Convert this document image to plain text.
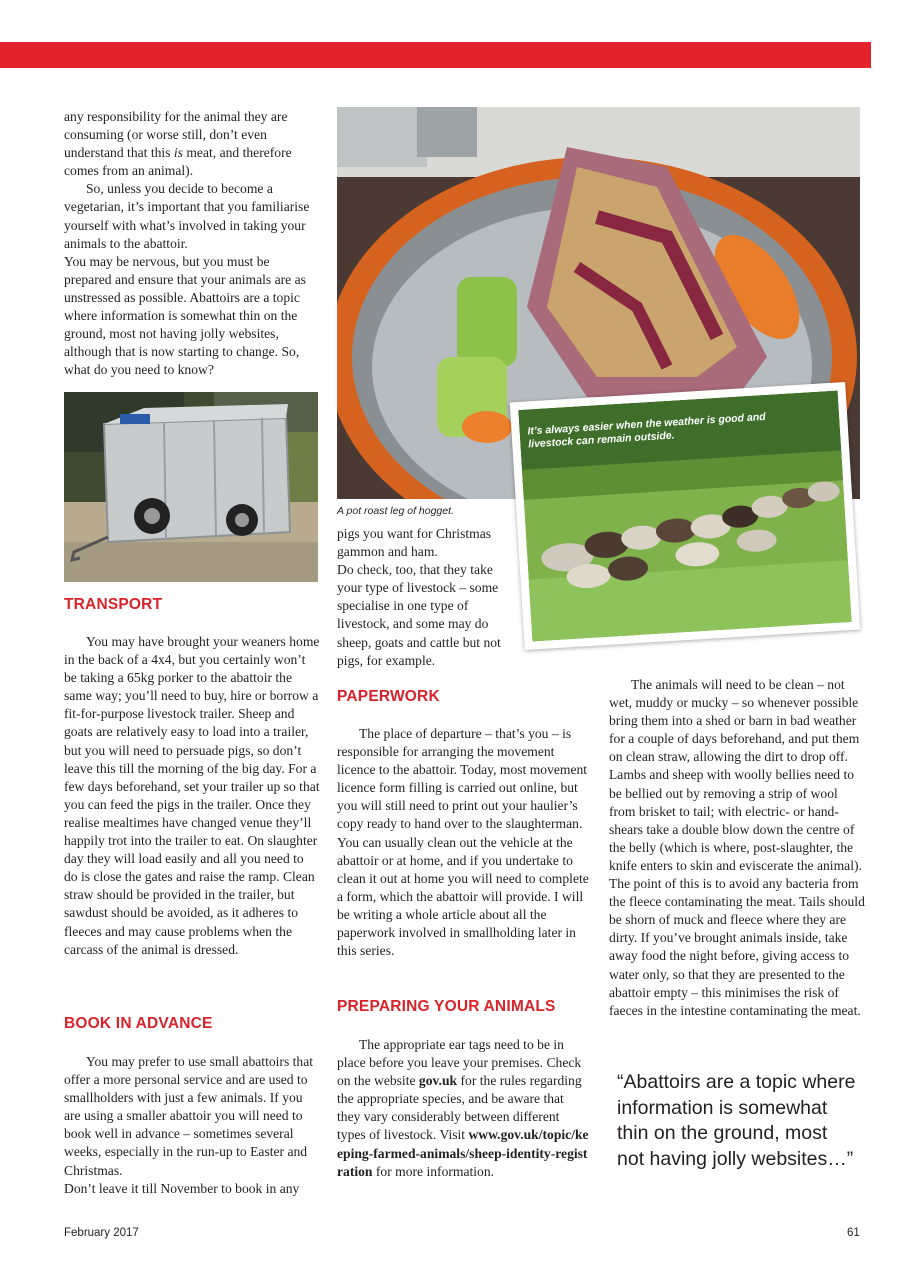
any responsibility for the animal they are consuming (or worse still, don’t even understand that this is meat, and therefore comes from an animal).

So, unless you decide to become a vegetarian, it’s important that you familiarise yourself with what’s involved in taking your animals to the abattoir.

You may be nervous, but you must be prepared and ensure that your animals are as unstressed as possible. Abattoirs are a topic where information is somewhat thin on the ground, most not having jolly websites, although that is now starting to change. So, what do you need to know?

TRANSPORT

You may have brought your weaners home in the back of a 4x4, but you certainly won’t be taking a 65kg porker to the abattoir the same way; you’ll need to buy, hire or borrow a fit-for-purpose livestock trailer. Sheep and goats are relatively easy to load into a trailer, but you will need to persuade pigs, so don’t leave this till the morning of the big day. For a few days beforehand, set your trailer up so that you can feed the pigs in the trailer. Once they realise mealtimes have changed venue they’ll happily trot into the trailer to eat. On slaughter day they will load easily and all you need to do is close the gates and raise the ramp. Clean straw should be provided in the trailer, but sawdust should be avoided, as it adheres to fleeces and may cause problems when the carcass of the animal is dressed.

BOOK IN ADVANCE

You may prefer to use small abattoirs that offer a more personal service and are used to smallholders with just a few animals. If you are using a smaller abattoir you will need to book well in advance – sometimes several weeks, especially in the run-up to Easter and Christmas.

Don’t leave it till November to book in any

A pot roast leg of hogget.
It’s always easier when the weather is good and livestock can remain outside.

pigs you want for Christmas gammon and ham.

Do check, too, that they take your type of livestock – some specialise in one type of livestock, and some may do sheep, goats and cattle but not pigs, for example.

PAPERWORK

The place of departure – that’s you – is responsible for arranging the movement licence to the abattoir. Today, most movement licence form filling is carried out online, but you will still need to print out your haulier’s copy ready to hand over to the slaughterman. You can usually clean out the vehicle at the abattoir or at home, and if you undertake to clean it out at home you will need to complete a form, which the abattoir will provide. I will be writing a whole article about all the paperwork involved in smallholding later in this series.

PREPARING YOUR ANIMALS

The appropriate ear tags need to be in place before you leave your premises. Check on the website gov.uk for the rules regarding the appropriate species, and be aware that they vary considerably between different types of livestock. Visit www.gov.uk/topic/keeping-farmed-animals/sheep-identity-registration for more information.

The animals will need to be clean – not wet, muddy or mucky – so whenever possible bring them into a shed or barn in bad weather for a couple of days beforehand, and put them on clean straw, allowing the dirt to drop off. Lambs and sheep with woolly bellies need to be bellied out by removing a strip of wool from brisket to tail; with electric- or hand-shears take a double blow down the centre of the belly (which is where, post-slaughter, the knife enters to skin and eviscerate the animal). The point of this is to avoid any bacteria from the fleece contaminating the meat. Tails should be shorn of muck and fleece where they are dirty. If you’ve brought animals inside, take away food the night before, giving access to water only, so that they are presented to the abattoir empty – this minimises the risk of faeces in the intestine contaminating the meat.

“Abattoirs are a topic where information is somewhat thin on the ground, most not having jolly websites…”
February 2017	61
